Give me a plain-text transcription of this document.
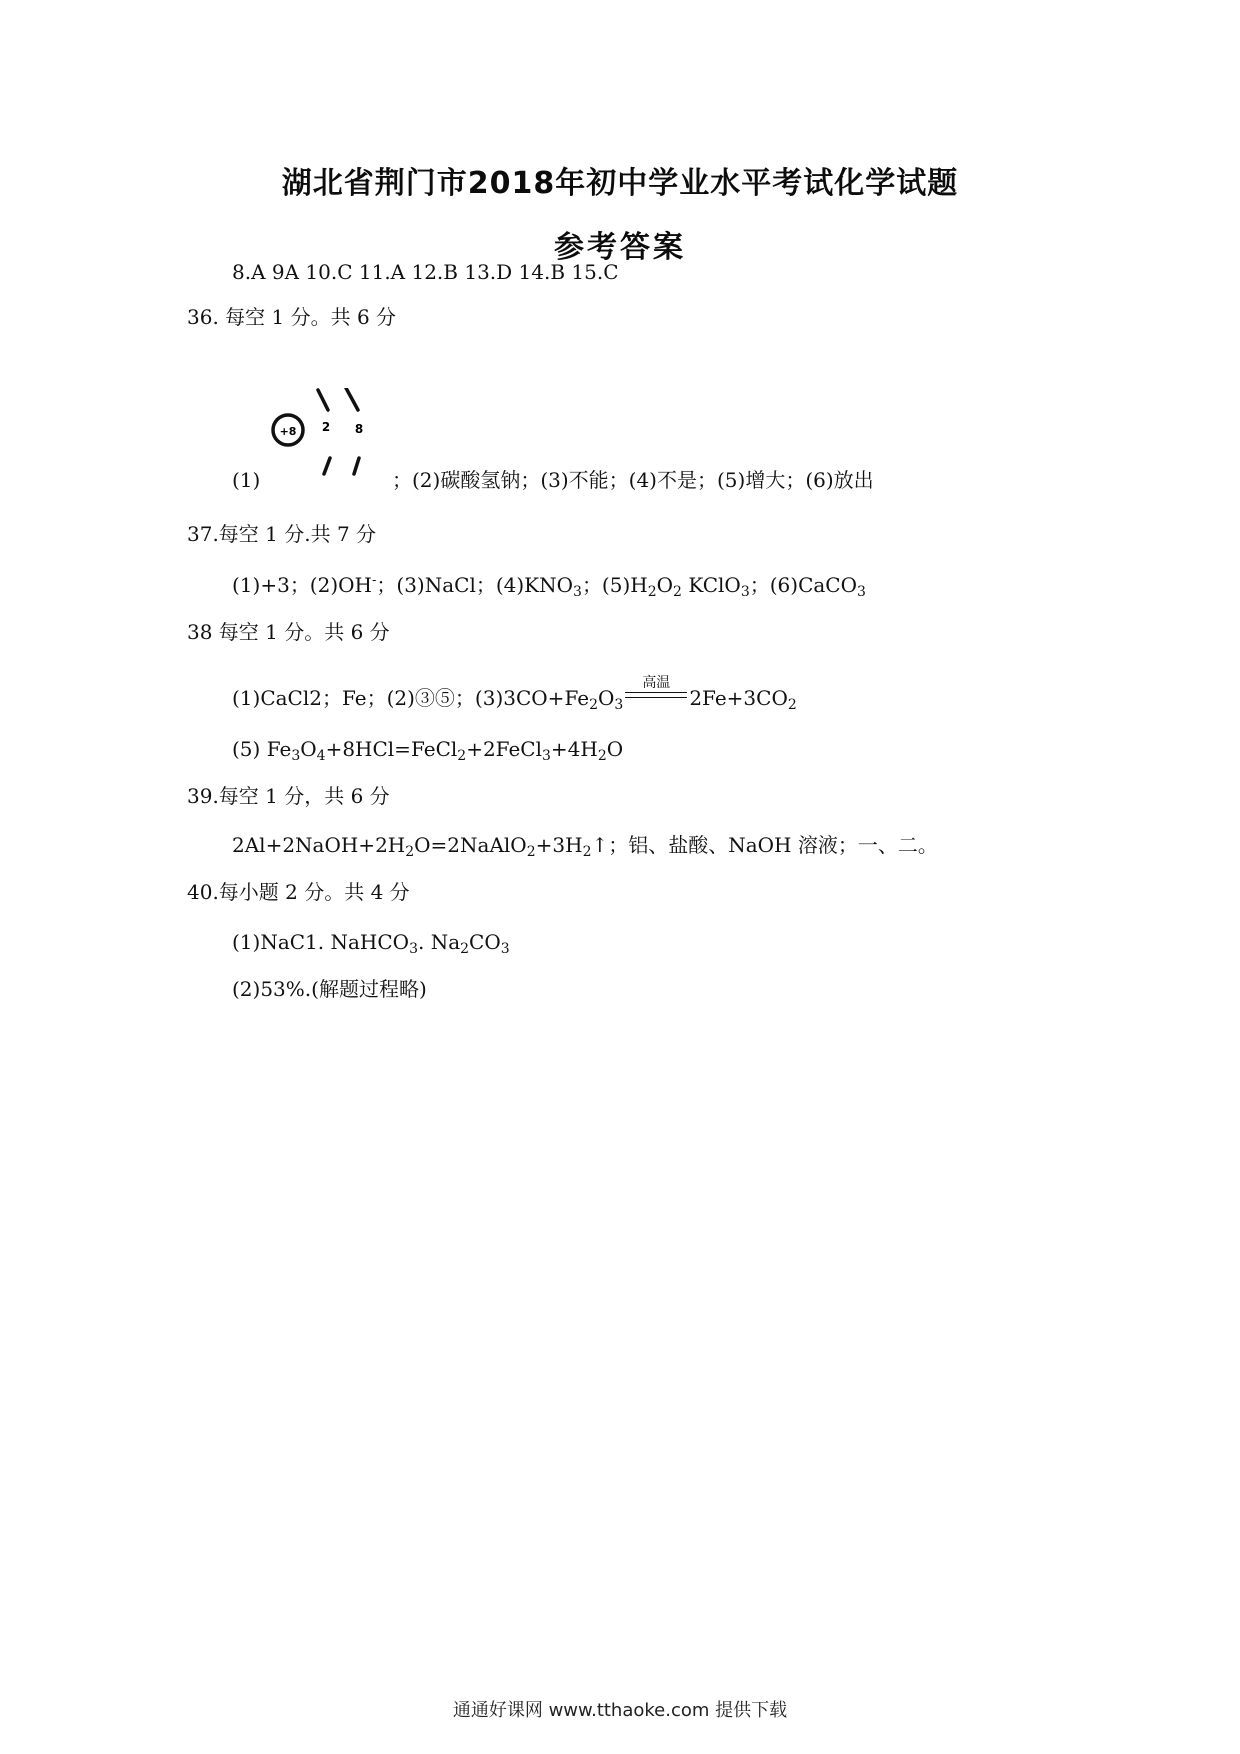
湖北省荆门市2018年初中学业水平考试化学试题
参考答案
8.A 9A 10.C 11.A 12.B 13.D 14.B 15.C
36. 每空 1 分。共 6 分
+8 2 8
(1)	；(2)碳酸氢钠；(3)不能；(4)不是；(5)增大；(6)放出
37.每空 1 分.共 7 分
(1)+3；(2)OH-；(3)NaCl；$(4)KNO_3$；$(5)H_2O_2$ KClO$_3$；(6)CaCO$_3$
38 每空 1 分。共 6 分
(1)CaCl2；Fe；(2)③⑤；$(3)3CO+Fe_2O_3$
高温
$2Fe+3CO_2$
(5) $Fe_3O_4+8HCl=FeCl_2+2FeCl_3+4H_2O$
39.每空 1 分，共 6 分
$2Al+2NaOH+2H_2O=2NaAlO_2+3H_2↑$；铝、盐酸、NaOH 溶液；一、二。
40.每小题 2 分。共 4 分
(1)NaC1. NaHCO$_3$. $Na_2CO_3$
(2)53%.(解题过程略)
通通好课网 www.tthaoke.com 提供下载
